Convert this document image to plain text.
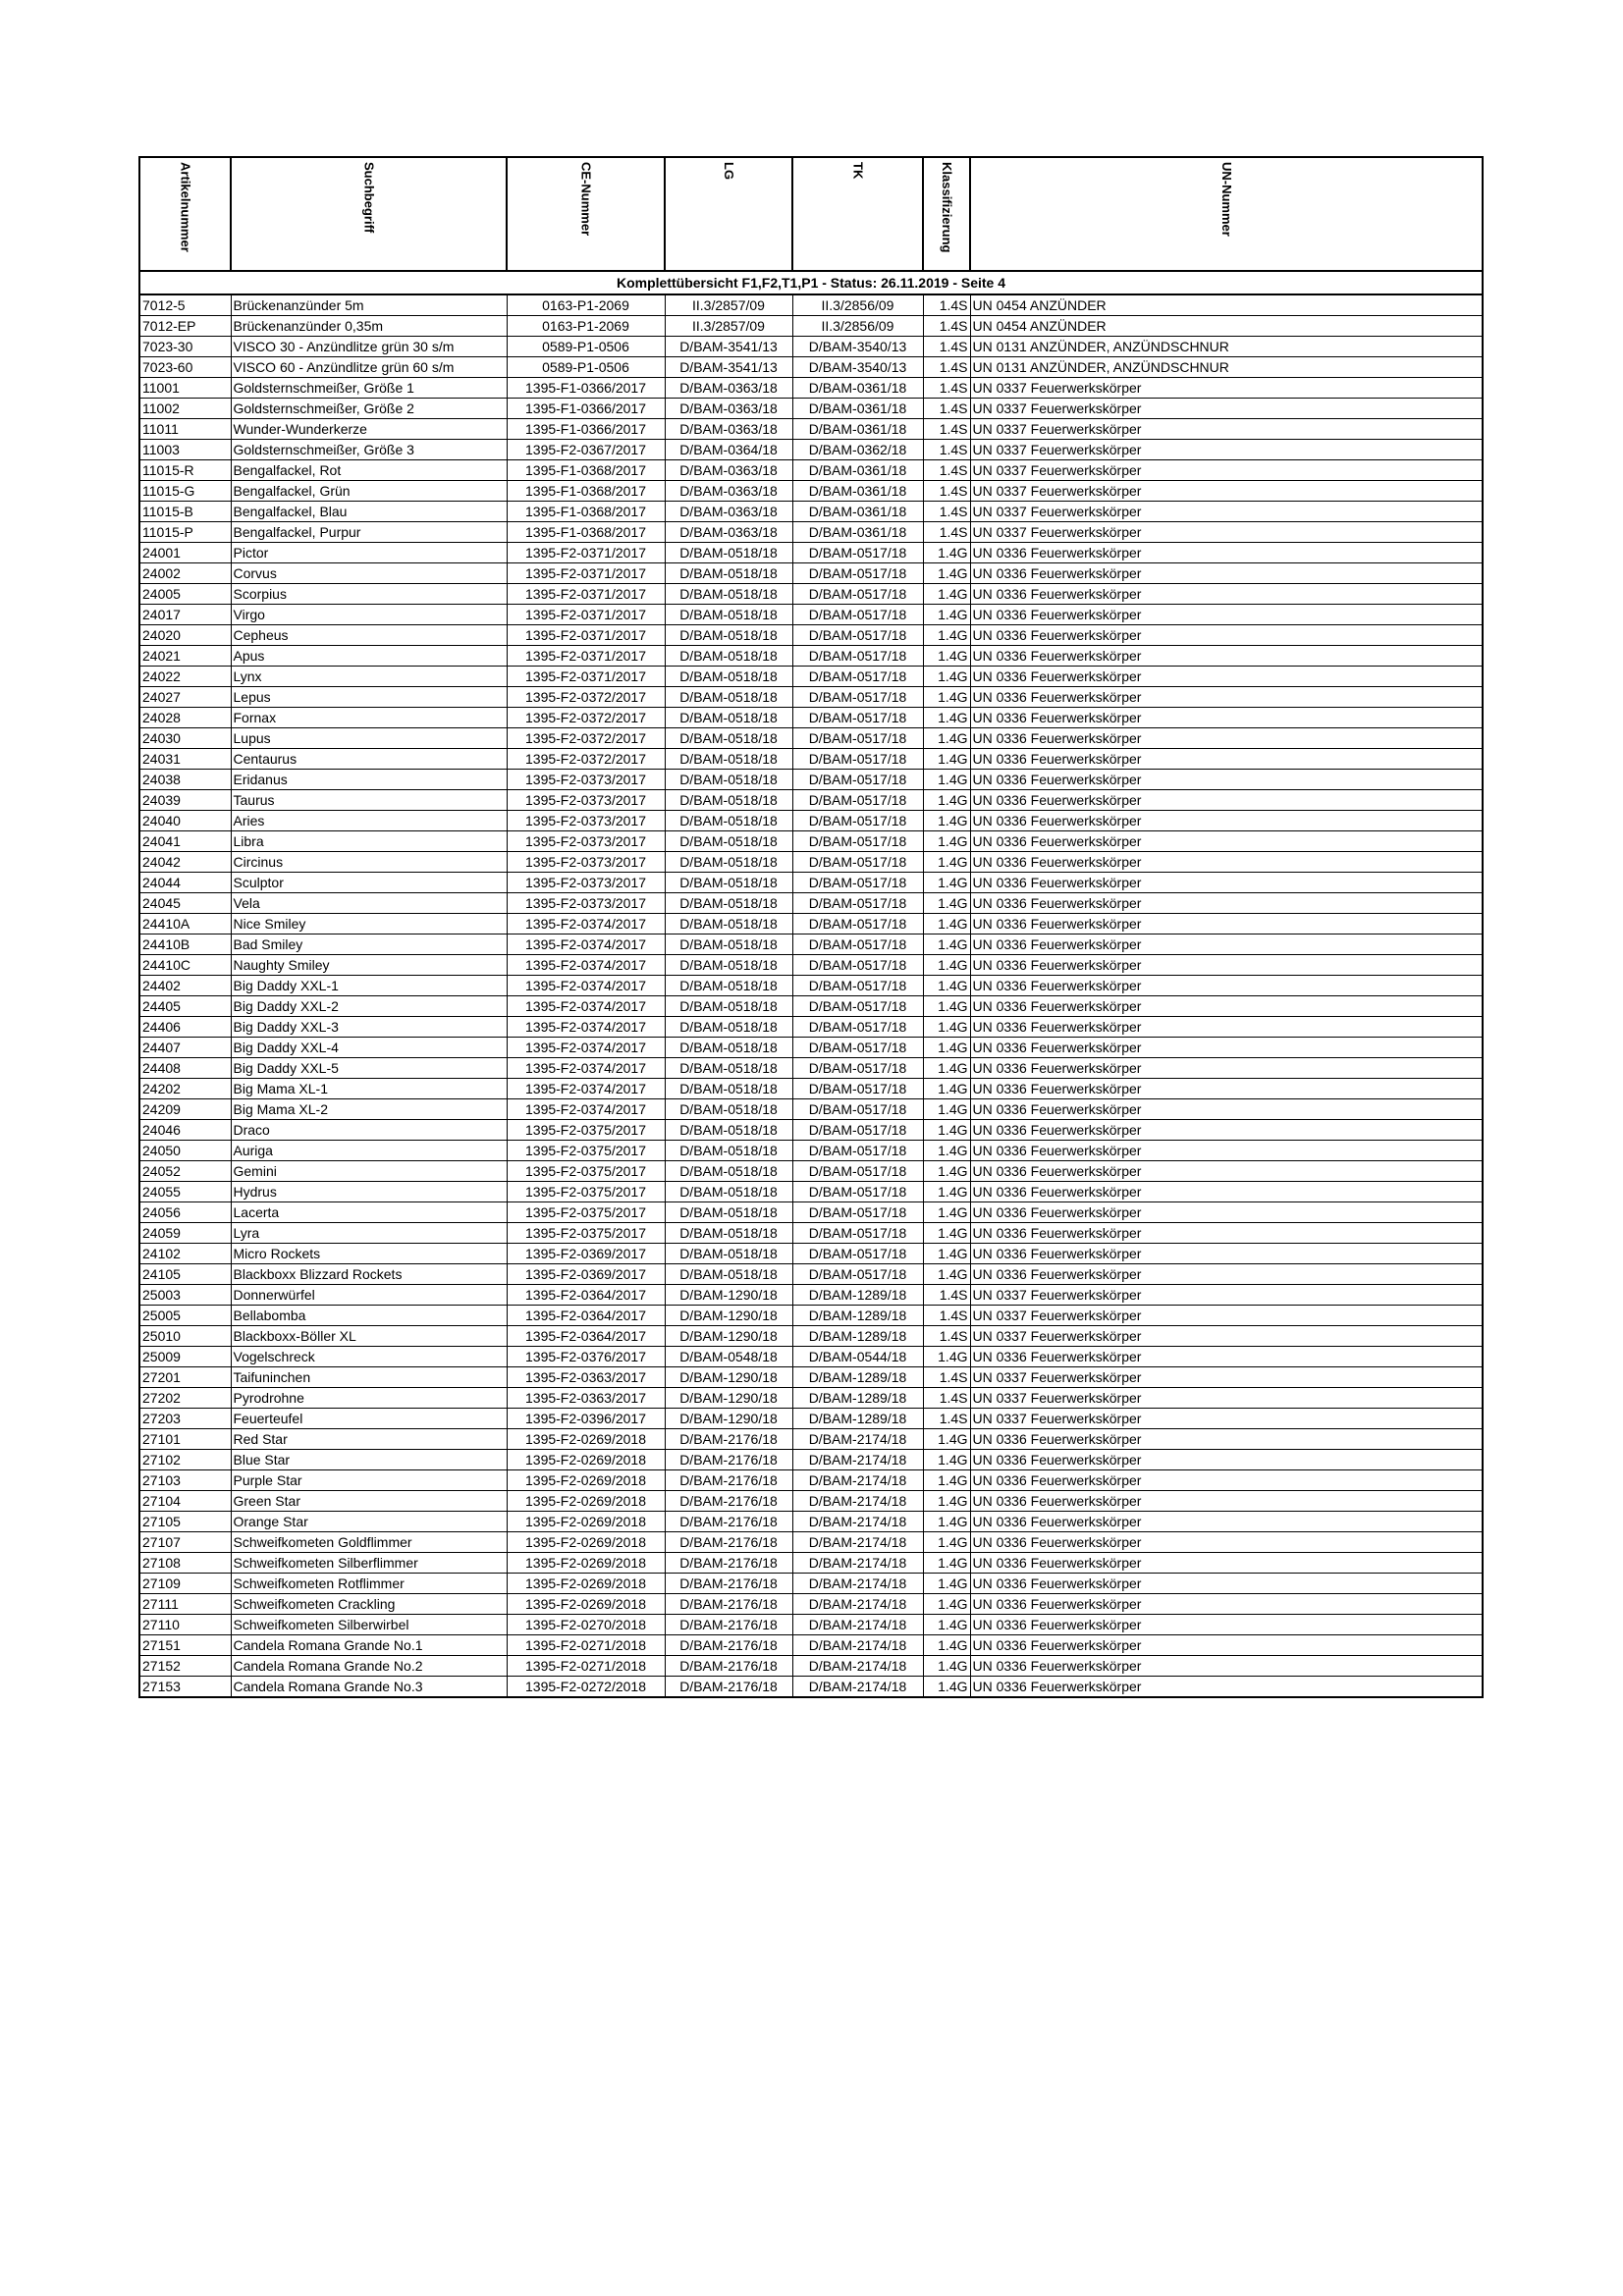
Artikelnummer	Suchbegriff	CE-Nummer	LG	TK	Klassifizierung	UN-Nummer

Komplettübersicht F1,F2,T1,P1 - Status: 26.11.2019 - Seite 4						
7012-5	Brückenanzünder 5m	0163-P1-2069	II.3/2857/09	II.3/2856/09	1.4S	UN 0454 ANZÜNDER
7012-EP	Brückenanzünder 0,35m	0163-P1-2069	II.3/2857/09	II.3/2856/09	1.4S	UN 0454 ANZÜNDER
7023-30	VISCO 30 - Anzündlitze grün 30 s/m	0589-P1-0506	D/BAM-3541/13	D/BAM-3540/13	1.4S	UN 0131 ANZÜNDER, ANZÜNDSCHNUR
7023-60	VISCO 60 - Anzündlitze grün 60 s/m	0589-P1-0506	D/BAM-3541/13	D/BAM-3540/13	1.4S	UN 0131 ANZÜNDER, ANZÜNDSCHNUR
11001	Goldsternschmeißer, Größe 1	1395-F1-0366/2017	D/BAM-0363/18	D/BAM-0361/18	1.4S	UN 0337 Feuerwerkskörper
11002	Goldsternschmeißer, Größe 2	1395-F1-0366/2017	D/BAM-0363/18	D/BAM-0361/18	1.4S	UN 0337 Feuerwerkskörper
11011	Wunder-Wunderkerze	1395-F1-0366/2017	D/BAM-0363/18	D/BAM-0361/18	1.4S	UN 0337 Feuerwerkskörper
11003	Goldsternschmeißer, Größe 3	1395-F2-0367/2017	D/BAM-0364/18	D/BAM-0362/18	1.4S	UN 0337 Feuerwerkskörper
11015-R	Bengalfackel, Rot	1395-F1-0368/2017	D/BAM-0363/18	D/BAM-0361/18	1.4S	UN 0337 Feuerwerkskörper
11015-G	Bengalfackel, Grün	1395-F1-0368/2017	D/BAM-0363/18	D/BAM-0361/18	1.4S	UN 0337 Feuerwerkskörper
11015-B	Bengalfackel, Blau	1395-F1-0368/2017	D/BAM-0363/18	D/BAM-0361/18	1.4S	UN 0337 Feuerwerkskörper
11015-P	Bengalfackel, Purpur	1395-F1-0368/2017	D/BAM-0363/18	D/BAM-0361/18	1.4S	UN 0337 Feuerwerkskörper
24001	Pictor	1395-F2-0371/2017	D/BAM-0518/18	D/BAM-0517/18	1.4G	UN 0336 Feuerwerkskörper
24002	Corvus	1395-F2-0371/2017	D/BAM-0518/18	D/BAM-0517/18	1.4G	UN 0336 Feuerwerkskörper
24005	Scorpius	1395-F2-0371/2017	D/BAM-0518/18	D/BAM-0517/18	1.4G	UN 0336 Feuerwerkskörper
24017	Virgo	1395-F2-0371/2017	D/BAM-0518/18	D/BAM-0517/18	1.4G	UN 0336 Feuerwerkskörper
24020	Cepheus	1395-F2-0371/2017	D/BAM-0518/18	D/BAM-0517/18	1.4G	UN 0336 Feuerwerkskörper
24021	Apus	1395-F2-0371/2017	D/BAM-0518/18	D/BAM-0517/18	1.4G	UN 0336 Feuerwerkskörper
24022	Lynx	1395-F2-0371/2017	D/BAM-0518/18	D/BAM-0517/18	1.4G	UN 0336 Feuerwerkskörper
24027	Lepus	1395-F2-0372/2017	D/BAM-0518/18	D/BAM-0517/18	1.4G	UN 0336 Feuerwerkskörper
24028	Fornax	1395-F2-0372/2017	D/BAM-0518/18	D/BAM-0517/18	1.4G	UN 0336 Feuerwerkskörper
24030	Lupus	1395-F2-0372/2017	D/BAM-0518/18	D/BAM-0517/18	1.4G	UN 0336 Feuerwerkskörper
24031	Centaurus	1395-F2-0372/2017	D/BAM-0518/18	D/BAM-0517/18	1.4G	UN 0336 Feuerwerkskörper
24038	Eridanus	1395-F2-0373/2017	D/BAM-0518/18	D/BAM-0517/18	1.4G	UN 0336 Feuerwerkskörper
24039	Taurus	1395-F2-0373/2017	D/BAM-0518/18	D/BAM-0517/18	1.4G	UN 0336 Feuerwerkskörper
24040	Aries	1395-F2-0373/2017	D/BAM-0518/18	D/BAM-0517/18	1.4G	UN 0336 Feuerwerkskörper
24041	Libra	1395-F2-0373/2017	D/BAM-0518/18	D/BAM-0517/18	1.4G	UN 0336 Feuerwerkskörper
24042	Circinus	1395-F2-0373/2017	D/BAM-0518/18	D/BAM-0517/18	1.4G	UN 0336 Feuerwerkskörper
24044	Sculptor	1395-F2-0373/2017	D/BAM-0518/18	D/BAM-0517/18	1.4G	UN 0336 Feuerwerkskörper
24045	Vela	1395-F2-0373/2017	D/BAM-0518/18	D/BAM-0517/18	1.4G	UN 0336 Feuerwerkskörper
24410A	Nice Smiley	1395-F2-0374/2017	D/BAM-0518/18	D/BAM-0517/18	1.4G	UN 0336 Feuerwerkskörper
24410B	Bad Smiley	1395-F2-0374/2017	D/BAM-0518/18	D/BAM-0517/18	1.4G	UN 0336 Feuerwerkskörper
24410C	Naughty Smiley	1395-F2-0374/2017	D/BAM-0518/18	D/BAM-0517/18	1.4G	UN 0336 Feuerwerkskörper
24402	Big Daddy XXL-1	1395-F2-0374/2017	D/BAM-0518/18	D/BAM-0517/18	1.4G	UN 0336 Feuerwerkskörper
24405	Big Daddy XXL-2	1395-F2-0374/2017	D/BAM-0518/18	D/BAM-0517/18	1.4G	UN 0336 Feuerwerkskörper
24406	Big Daddy XXL-3	1395-F2-0374/2017	D/BAM-0518/18	D/BAM-0517/18	1.4G	UN 0336 Feuerwerkskörper
24407	Big Daddy XXL-4	1395-F2-0374/2017	D/BAM-0518/18	D/BAM-0517/18	1.4G	UN 0336 Feuerwerkskörper
24408	Big Daddy XXL-5	1395-F2-0374/2017	D/BAM-0518/18	D/BAM-0517/18	1.4G	UN 0336 Feuerwerkskörper
24202	Big Mama XL-1	1395-F2-0374/2017	D/BAM-0518/18	D/BAM-0517/18	1.4G	UN 0336 Feuerwerkskörper
24209	Big Mama XL-2	1395-F2-0374/2017	D/BAM-0518/18	D/BAM-0517/18	1.4G	UN 0336 Feuerwerkskörper
24046	Draco	1395-F2-0375/2017	D/BAM-0518/18	D/BAM-0517/18	1.4G	UN 0336 Feuerwerkskörper
24050	Auriga	1395-F2-0375/2017	D/BAM-0518/18	D/BAM-0517/18	1.4G	UN 0336 Feuerwerkskörper
24052	Gemini	1395-F2-0375/2017	D/BAM-0518/18	D/BAM-0517/18	1.4G	UN 0336 Feuerwerkskörper
24055	Hydrus	1395-F2-0375/2017	D/BAM-0518/18	D/BAM-0517/18	1.4G	UN 0336 Feuerwerkskörper
24056	Lacerta	1395-F2-0375/2017	D/BAM-0518/18	D/BAM-0517/18	1.4G	UN 0336 Feuerwerkskörper
24059	Lyra	1395-F2-0375/2017	D/BAM-0518/18	D/BAM-0517/18	1.4G	UN 0336 Feuerwerkskörper
24102	Micro Rockets	1395-F2-0369/2017	D/BAM-0518/18	D/BAM-0517/18	1.4G	UN 0336 Feuerwerkskörper
24105	Blackboxx Blizzard Rockets	1395-F2-0369/2017	D/BAM-0518/18	D/BAM-0517/18	1.4G	UN 0336 Feuerwerkskörper
25003	Donnerwürfel	1395-F2-0364/2017	D/BAM-1290/18	D/BAM-1289/18	1.4S	UN 0337 Feuerwerkskörper
25005	Bellabomba	1395-F2-0364/2017	D/BAM-1290/18	D/BAM-1289/18	1.4S	UN 0337 Feuerwerkskörper
25010	Blackboxx-Böller XL	1395-F2-0364/2017	D/BAM-1290/18	D/BAM-1289/18	1.4S	UN 0337 Feuerwerkskörper
25009	Vogelschreck	1395-F2-0376/2017	D/BAM-0548/18	D/BAM-0544/18	1.4G	UN 0336 Feuerwerkskörper
27201	Taifuninchen	1395-F2-0363/2017	D/BAM-1290/18	D/BAM-1289/18	1.4S	UN 0337 Feuerwerkskörper
27202	Pyrodrohne	1395-F2-0363/2017	D/BAM-1290/18	D/BAM-1289/18	1.4S	UN 0337 Feuerwerkskörper
27203	Feuerteufel	1395-F2-0396/2017	D/BAM-1290/18	D/BAM-1289/18	1.4S	UN 0337 Feuerwerkskörper
27101	Red Star	1395-F2-0269/2018	D/BAM-2176/18	D/BAM-2174/18	1.4G	UN 0336 Feuerwerkskörper
27102	Blue Star	1395-F2-0269/2018	D/BAM-2176/18	D/BAM-2174/18	1.4G	UN 0336 Feuerwerkskörper
27103	Purple Star	1395-F2-0269/2018	D/BAM-2176/18	D/BAM-2174/18	1.4G	UN 0336 Feuerwerkskörper
27104	Green Star	1395-F2-0269/2018	D/BAM-2176/18	D/BAM-2174/18	1.4G	UN 0336 Feuerwerkskörper
27105	Orange Star	1395-F2-0269/2018	D/BAM-2176/18	D/BAM-2174/18	1.4G	UN 0336 Feuerwerkskörper
27107	Schweifkometen Goldflimmer	1395-F2-0269/2018	D/BAM-2176/18	D/BAM-2174/18	1.4G	UN 0336 Feuerwerkskörper
27108	Schweifkometen Silberflimmer	1395-F2-0269/2018	D/BAM-2176/18	D/BAM-2174/18	1.4G	UN 0336 Feuerwerkskörper
27109	Schweifkometen Rotflimmer	1395-F2-0269/2018	D/BAM-2176/18	D/BAM-2174/18	1.4G	UN 0336 Feuerwerkskörper
27111	Schweifkometen Crackling	1395-F2-0269/2018	D/BAM-2176/18	D/BAM-2174/18	1.4G	UN 0336 Feuerwerkskörper
27110	Schweifkometen Silberwirbel	1395-F2-0270/2018	D/BAM-2176/18	D/BAM-2174/18	1.4G	UN 0336 Feuerwerkskörper
27151	Candela Romana Grande No.1	1395-F2-0271/2018	D/BAM-2176/18	D/BAM-2174/18	1.4G	UN 0336 Feuerwerkskörper
27152	Candela Romana Grande No.2	1395-F2-0271/2018	D/BAM-2176/18	D/BAM-2174/18	1.4G	UN 0336 Feuerwerkskörper
27153	Candela Romana Grande No.3	1395-F2-0272/2018	D/BAM-2176/18	D/BAM-2174/18	1.4G	UN 0336 Feuerwerkskörper
